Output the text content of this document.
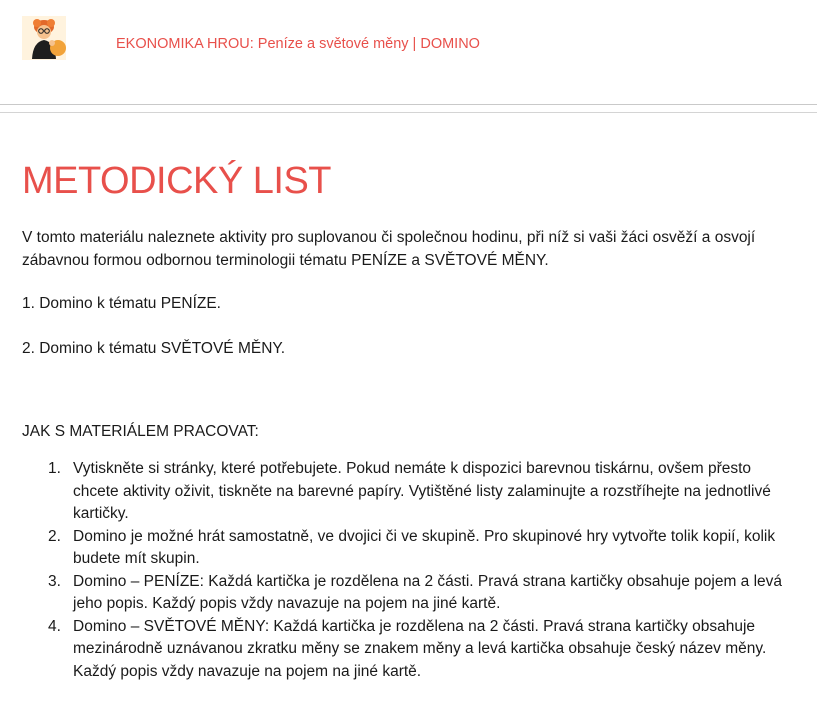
EKONOMIKA HROU: Peníze a světové měny | DOMINO
METODICKÝ LIST

V tomto materiálu naleznete aktivity pro suplovanou či společnou hodinu, při níž si vaši žáci osvěží a osvojí zábavnou formou odbornou terminologii tématu PENÍZE a SVĚTOVÉ MĚNY.

1. Domino k tématu PENÍZE.

2. Domino k tématu SVĚTOVÉ MĚNY.

JAK S MATERIÁLEM PRACOVAT:

1. Vytiskněte si stránky, které potřebujete. Pokud nemáte k dispozici barevnou tiskárnu, ovšem přesto chcete aktivity oživit, tiskněte na barevné papíry. Vytištěné listy zalaminujte a rozstříhejte na jednotlivé kartičky.
2. Domino je možné hrát samostatně, ve dvojici či ve skupině. Pro skupinové hry vytvořte tolik kopií, kolik budete mít skupin.
3. Domino – PENÍZE: Každá kartička je rozdělena na 2 části. Pravá strana kartičky obsahuje pojem a levá jeho popis. Každý popis vždy navazuje na pojem na jiné kartě.
4. Domino – SVĚTOVÉ MĚNY: Každá kartička je rozdělena na 2 části. Pravá strana kartičky obsahuje mezinárodně uznávanou zkratku měny se znakem měny a levá kartička obsahuje český název měny. Každý popis vždy navazuje na pojem na jiné kartě.
